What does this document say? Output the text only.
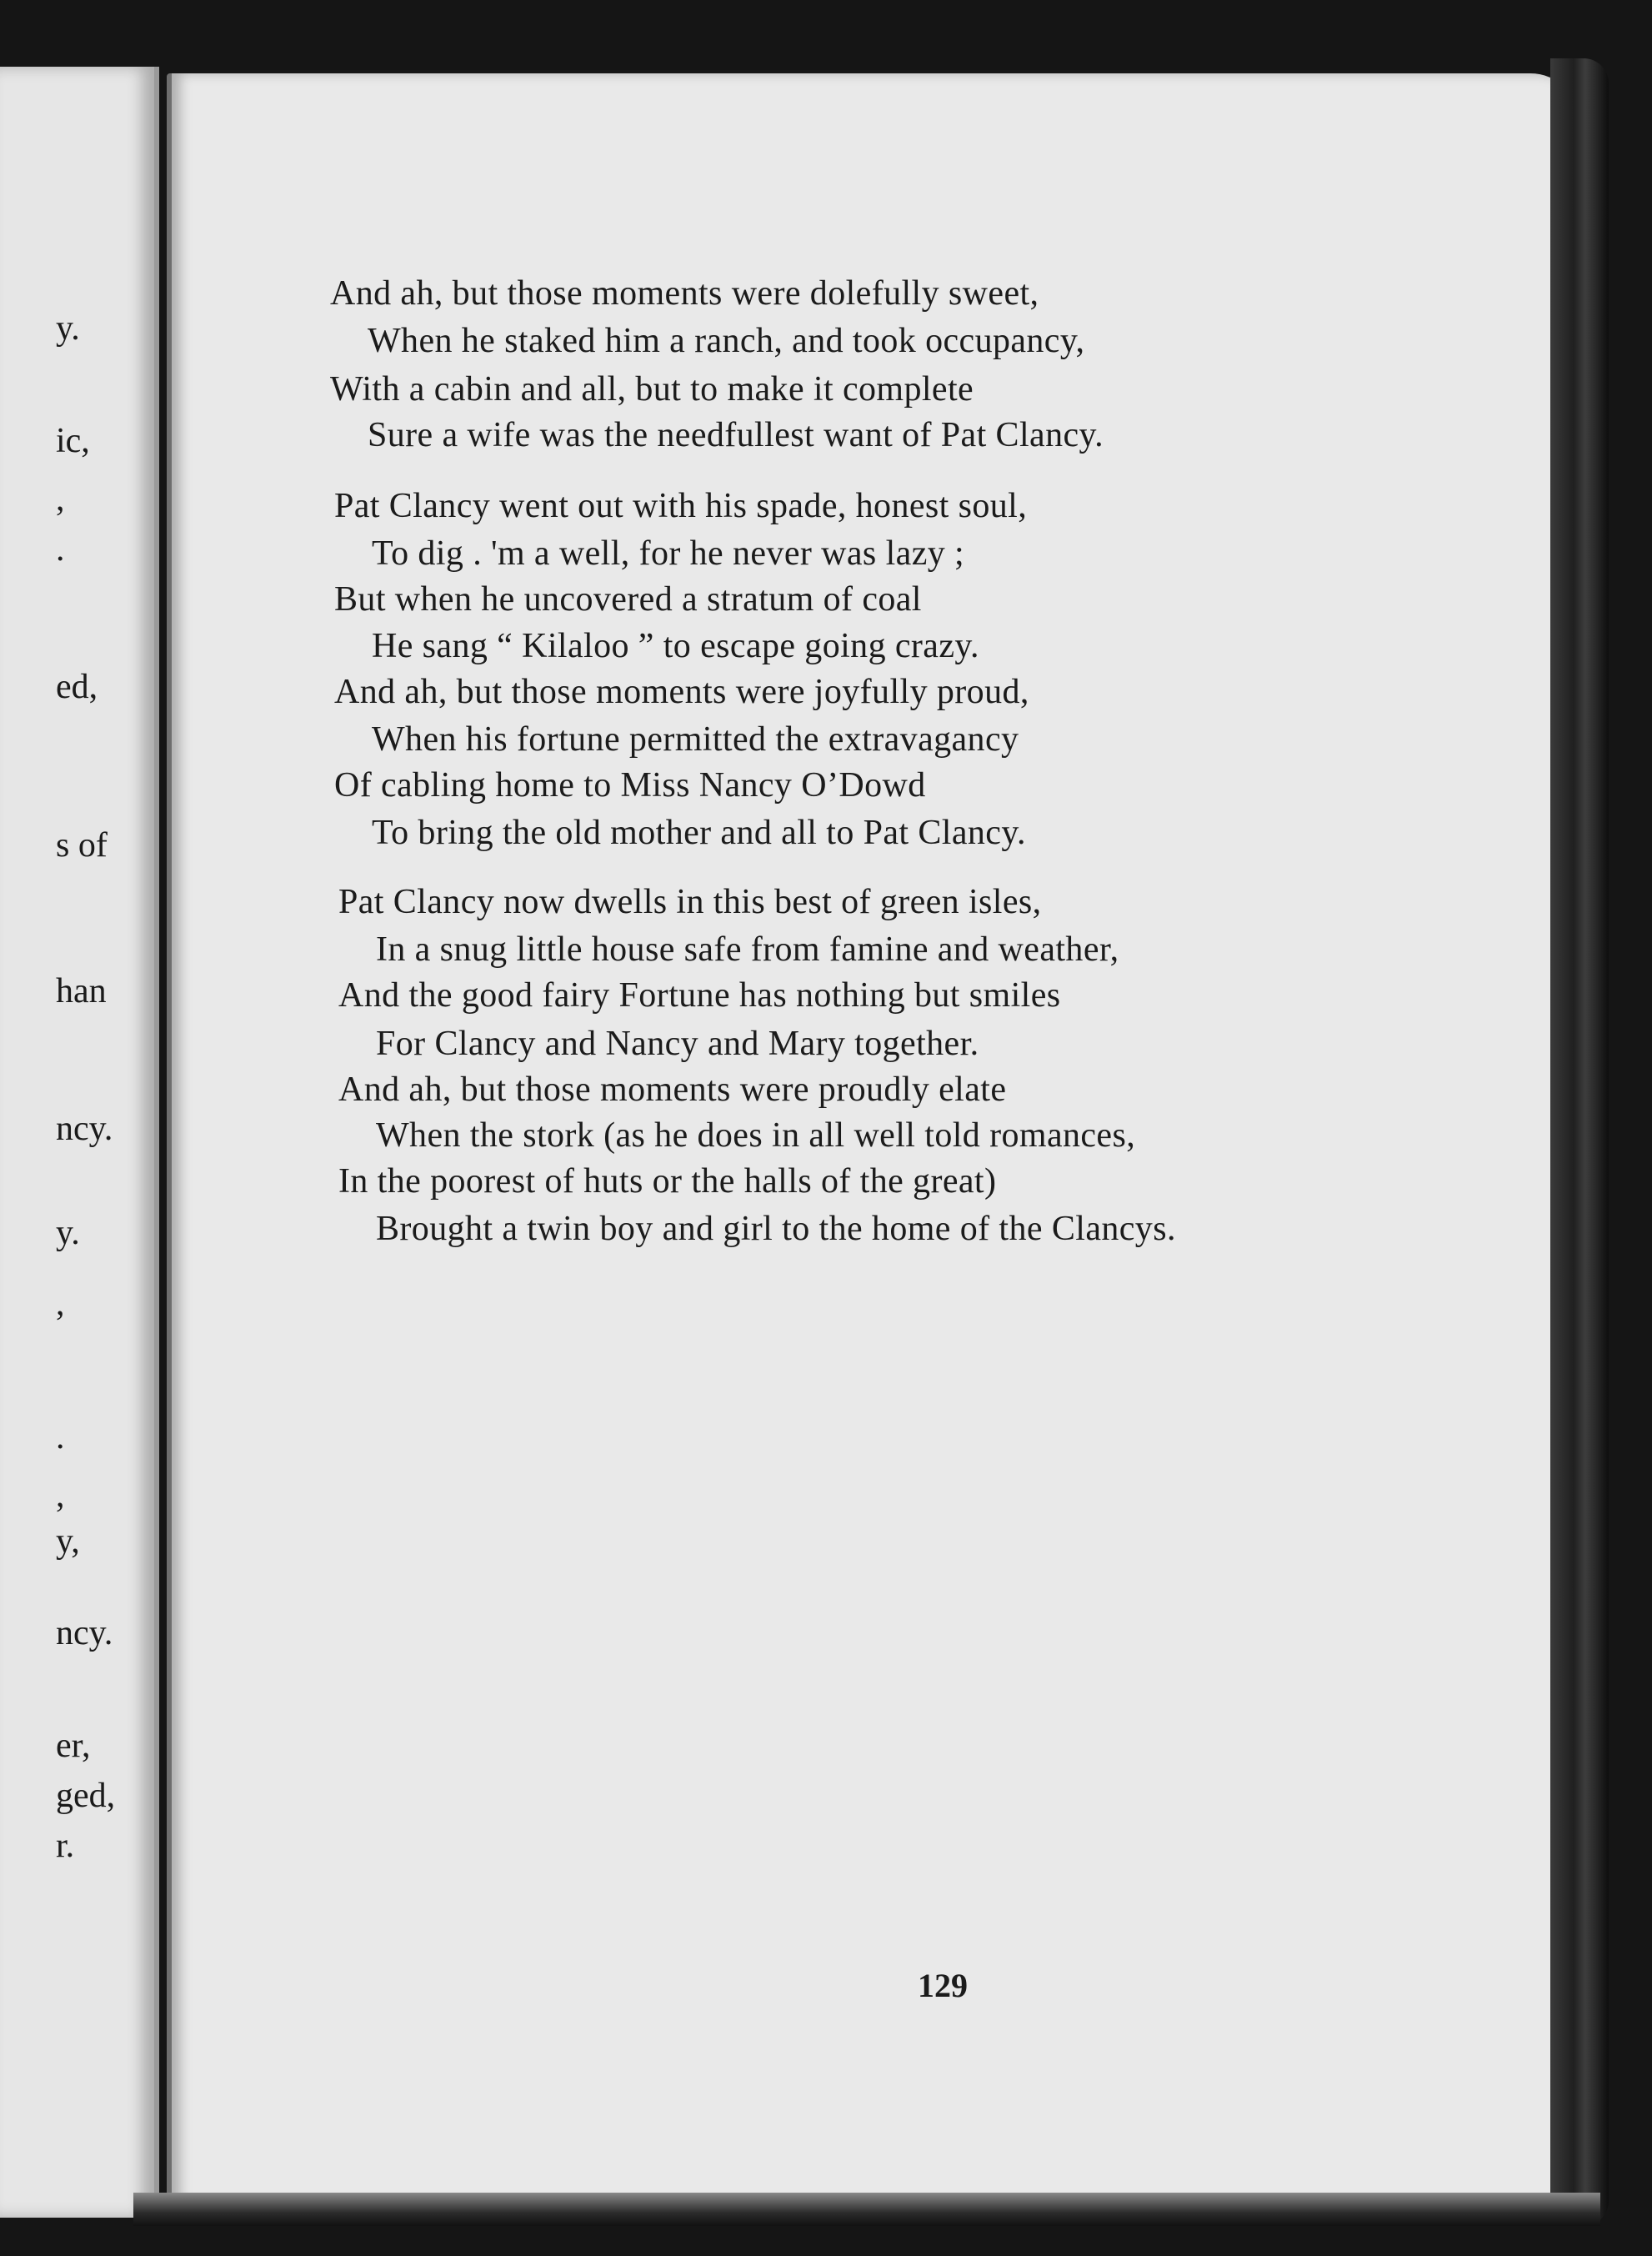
y.
ic,
,
.
ed,
s of
han
ncy.
y.
,
.
,
y,
ncy.
er,
ged,
r.
And ah, but those moments were dolefully sweet,
When he staked him a ranch, and took occupancy,
With a cabin and all, but to make it complete
Sure a wife was the needfullest want of Pat Clancy.
Pat Clancy went out with his spade, honest soul,
To dig . 'm a well, for he never was lazy ;
But when he uncovered a stratum of coal
He sang “ Kilaloo ” to escape going crazy.
And ah, but those moments were joyfully proud,
When his fortune permitted the extravagancy
Of cabling home to Miss Nancy O’Dowd
To bring the old mother and all to Pat Clancy.
Pat Clancy now dwells in this best of green isles,
In a snug little house safe from famine and weather,
And the good fairy Fortune has nothing but smiles
For Clancy and Nancy and Mary together.
And ah, but those moments were proudly elate
When the stork (as he does in all well told romances,
In the poorest of huts or the halls of the great)
Brought a twin boy and girl to the home of the Clancys.
129
